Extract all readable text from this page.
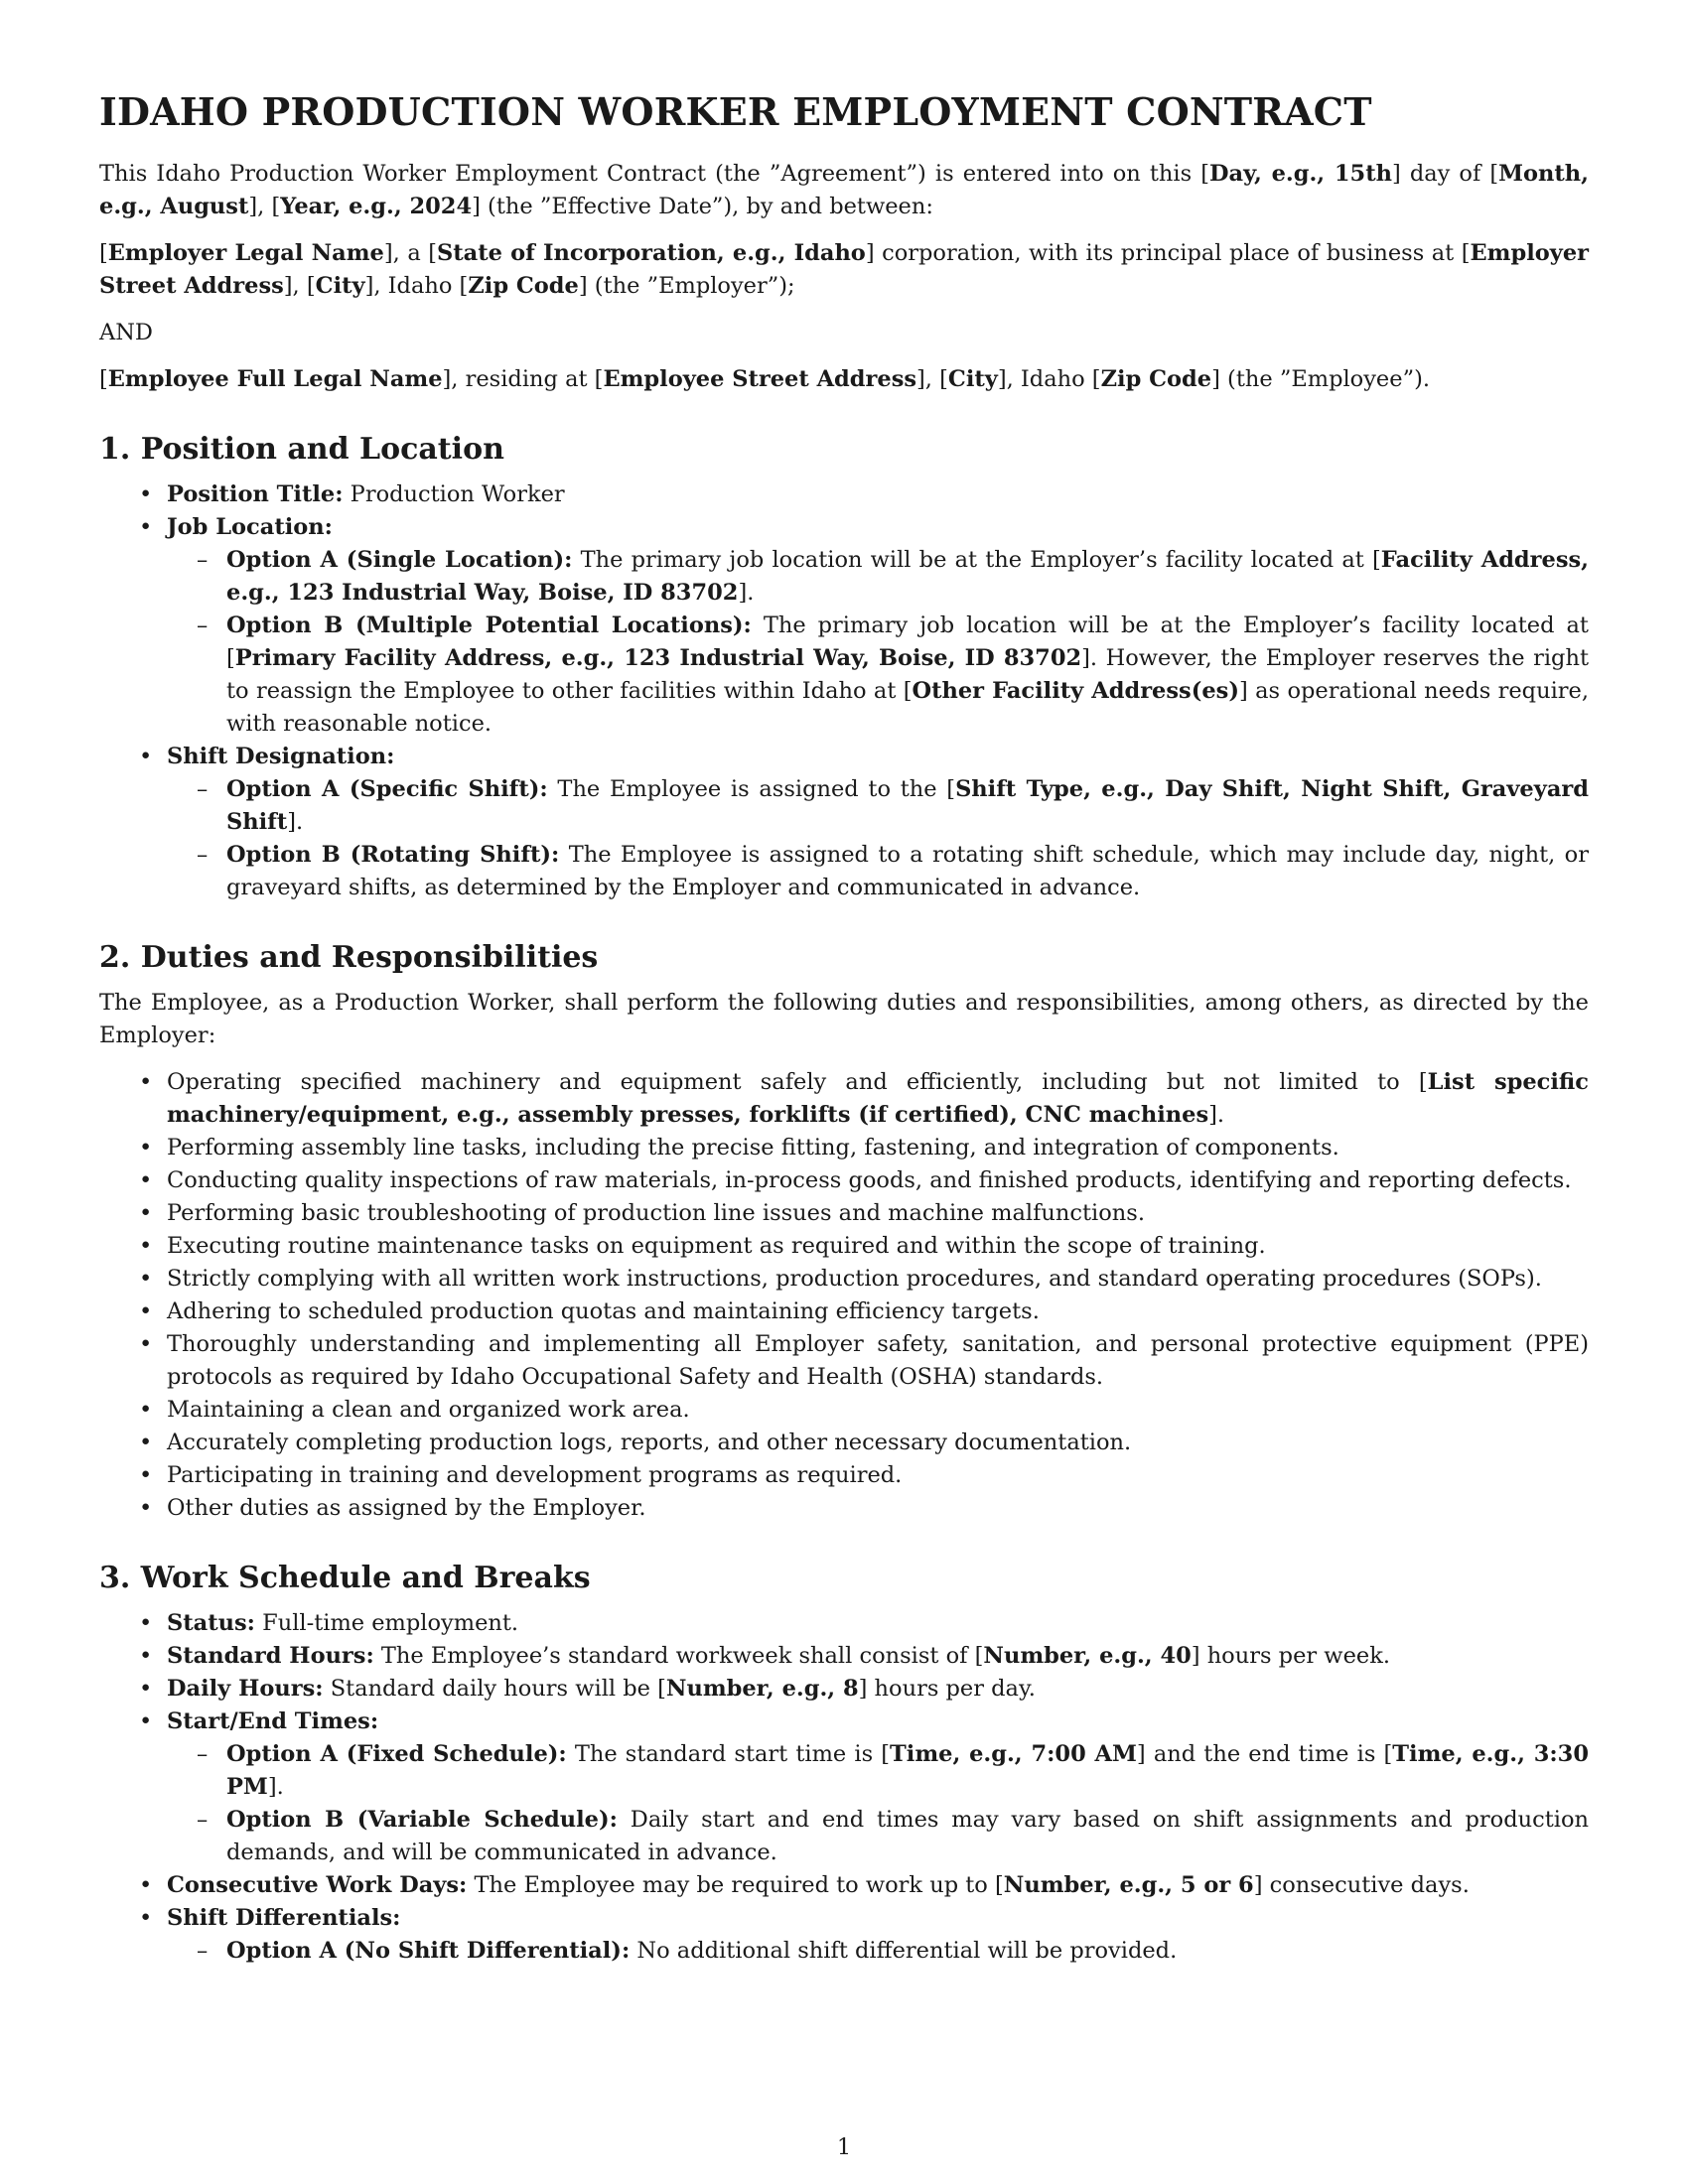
IDAHO PRODUCTION WORKER EMPLOYMENT CONTRACT

This Idaho Production Worker Employment Contract (the ”Agreement”) is entered into on this [Day, e.g., 15th] day of [Month, e.g., August], [Year, e.g., 2024] (the ”Effective Date”), by and between:

[Employer Legal Name], a [State of Incorporation, e.g., Idaho] corporation, with its principal place of business at [Employer Street Address], [City], Idaho [Zip Code] (the ”Employer”);

AND

[Employee Full Legal Name], residing at [Employee Street Address], [City], Idaho [Zip Code] (the ”Employee”).

1. Position and Location
• Position Title: Production Worker
• Job Location:
– Option A (Single Location): The primary job location will be at the Employer’s facility located at [Facility Address, e.g., 123 Industrial Way, Boise, ID 83702].
– Option B (Multiple Potential Locations): The primary job location will be at the Employer’s facility located at [Primary Facility Address, e.g., 123 Industrial Way, Boise, ID 83702]. However, the Employer reserves the right to reassign the Employee to other facilities within Idaho at [Other Facility Address(es)] as operational needs require, with reasonable notice.
• Shift Designation:
– Option A (Specific Shift): The Employee is assigned to the [Shift Type, e.g., Day Shift, Night Shift, Graveyard Shift].
– Option B (Rotating Shift): The Employee is assigned to a rotating shift schedule, which may include day, night, or graveyard shifts, as determined by the Employer and communicated in advance.
2. Duties and Responsibilities

The Employee, as a Production Worker, shall perform the following duties and responsibilities, among others, as directed by the Employer:

• Operating specified machinery and equipment safely and efficiently, including but not limited to [List specific machinery/equipment, e.g., assembly presses, forklifts (if certified), CNC machines].
• Performing assembly line tasks, including the precise fitting, fastening, and integration of components.
• Conducting quality inspections of raw materials, in-process goods, and finished products, identifying and reporting defects.
• Performing basic troubleshooting of production line issues and machine malfunctions.
• Executing routine maintenance tasks on equipment as required and within the scope of training.
• Strictly complying with all written work instructions, production procedures, and standard operating procedures (SOPs).
• Adhering to scheduled production quotas and maintaining efficiency targets.
• Thoroughly understanding and implementing all Employer safety, sanitation, and personal protective equipment (PPE) protocols as required by Idaho Occupational Safety and Health (OSHA) standards.
• Maintaining a clean and organized work area.
• Accurately completing production logs, reports, and other necessary documentation.
• Participating in training and development programs as required.
• Other duties as assigned by the Employer.
3. Work Schedule and Breaks
• Status: Full-time employment.
• Standard Hours: The Employee’s standard workweek shall consist of [Number, e.g., 40] hours per week.
• Daily Hours: Standard daily hours will be [Number, e.g., 8] hours per day.
• Start/End Times:
– Option A (Fixed Schedule): The standard start time is [Time, e.g., 7:00 AM] and the end time is [Time, e.g., 3:30 PM].
– Option B (Variable Schedule): Daily start and end times may vary based on shift assignments and production demands, and will be communicated in advance.
• Consecutive Work Days: The Employee may be required to work up to [Number, e.g., 5 or 6] consecutive days.
• Shift Differentials:
– Option A (No Shift Differential): No additional shift differential will be provided.
1
